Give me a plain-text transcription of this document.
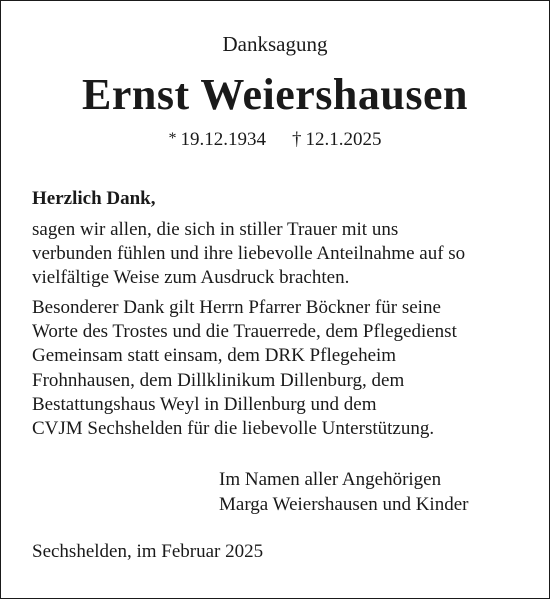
Danksagung
Ernst Weiershausen
* 19.12.1934 † 12.1.2025
Herzlich Dank,
sagen wir allen, die sich in stiller Trauer mit uns
verbunden fühlen und ihre liebevolle Anteilnahme auf so
vielfältige Weise zum Ausdruck brachten.
Besonderer Dank gilt Herrn Pfarrer Böckner für seine
Worte des Trostes und die Trauerrede, dem Pflegedienst
Gemeinsam statt einsam, dem DRK Pflegeheim
Frohnhausen, dem Dillklinikum Dillenburg, dem
Bestattungshaus Weyl in Dillenburg und dem
CVJM Sechshelden für die liebevolle Unterstützung.
Im Namen aller Angehörigen
Marga Weiershausen und Kinder
Sechshelden, im Februar 2025
